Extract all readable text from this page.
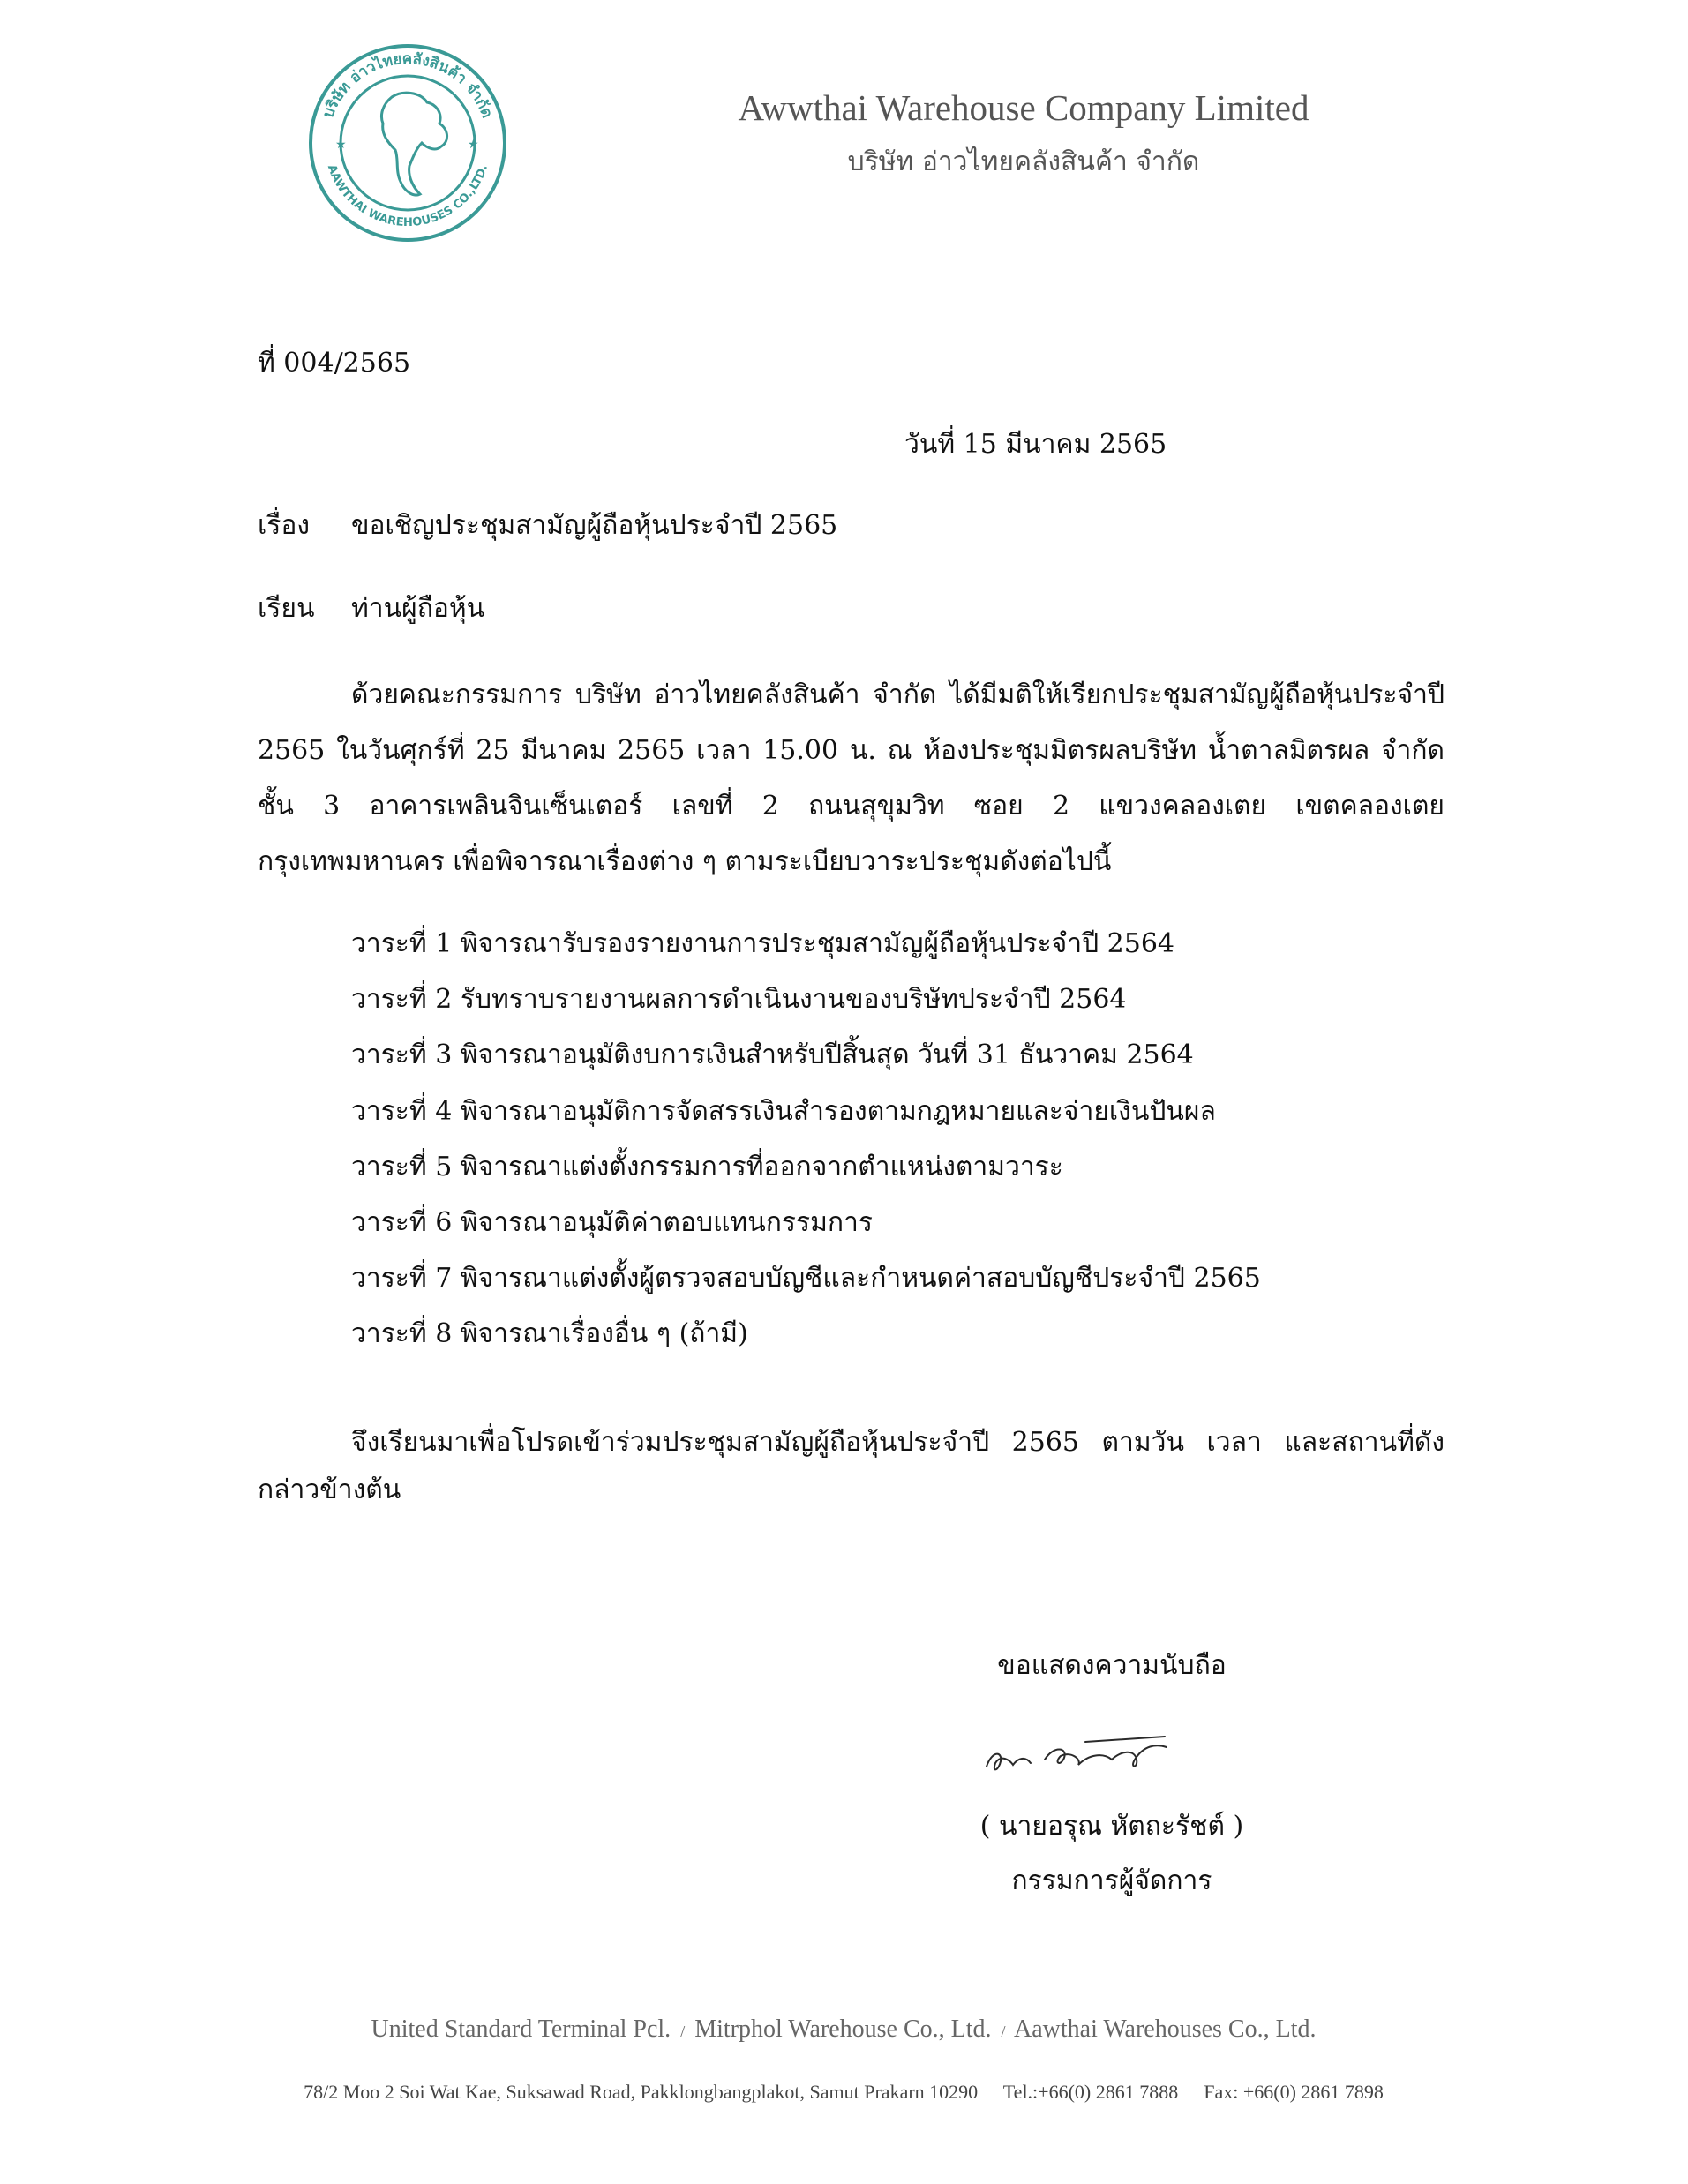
บริษัท อ่าวไทยคลังสินค้า จำกัด
AAWTHAI WAREHOUSES CO.,LTD.
★	★
Awwthai Warehouse Company Limited
บริษัท อ่าวไทยคลังสินค้า จำกัด
ที่ 004/2565
วันที่ 15 มีนาคม 2565
เรื่อง ขอเชิญประชุมสามัญผู้ถือหุ้นประจำปี 2565
เรียน ท่านผู้ถือหุ้น
ด้วยคณะกรรมการ บริษัท อ่าวไทยคลังสินค้า จำกัด ได้มีมติให้เรียกประชุมสามัญผู้ถือหุ้นประจำปี 2565 ในวันศุกร์ที่ 25 มีนาคม 2565 เวลา 15.00 น. ณ ห้องประชุมมิตรผลบริษัท น้ำตาลมิตรผล จำกัด ชั้น 3 อาคารเพลินจินเซ็นเตอร์ เลขที่ 2 ถนนสุขุมวิท ซอย 2 แขวงคลองเตย เขตคลองเตย กรุงเทพมหานคร เพื่อพิจารณาเรื่องต่าง ๆ ตามระเบียบวาระประชุมดังต่อไปนี้
วาระที่ 1 พิจารณารับรองรายงานการประชุมสามัญผู้ถือหุ้นประจำปี 2564
วาระที่ 2 รับทราบรายงานผลการดำเนินงานของบริษัทประจำปี 2564
วาระที่ 3 พิจารณาอนุมัติงบการเงินสำหรับปีสิ้นสุด วันที่ 31 ธันวาคม 2564
วาระที่ 4 พิจารณาอนุมัติการจัดสรรเงินสำรองตามกฎหมายและจ่ายเงินปันผล
วาระที่ 5 พิจารณาแต่งตั้งกรรมการที่ออกจากตำแหน่งตามวาระ
วาระที่ 6 พิจารณาอนุมัติค่าตอบแทนกรรมการ
วาระที่ 7 พิจารณาแต่งตั้งผู้ตรวจสอบบัญชีและกำหนดค่าสอบบัญชีประจำปี 2565
วาระที่ 8 พิจารณาเรื่องอื่น ๆ (ถ้ามี)
จึงเรียนมาเพื่อโปรดเข้าร่วมประชุมสามัญผู้ถือหุ้นประจำปี 2565 ตามวัน เวลา และสถานที่ดังกล่าวข้างต้น
ขอแสดงความนับถือ
( นายอรุณ หัตถะรัชต์ )
กรรมการผู้จัดการ
United Standard Terminal Pcl. / Mitrphol Warehouse Co., Ltd. / Aawthai Warehouses Co., Ltd.
78/2 Moo 2 Soi Wat Kae, Suksawad Road, Pakklongbangplakot, Samut Prakarn 10290 Tel.:+66(0) 2861 7888 Fax: +66(0) 2861 7898
